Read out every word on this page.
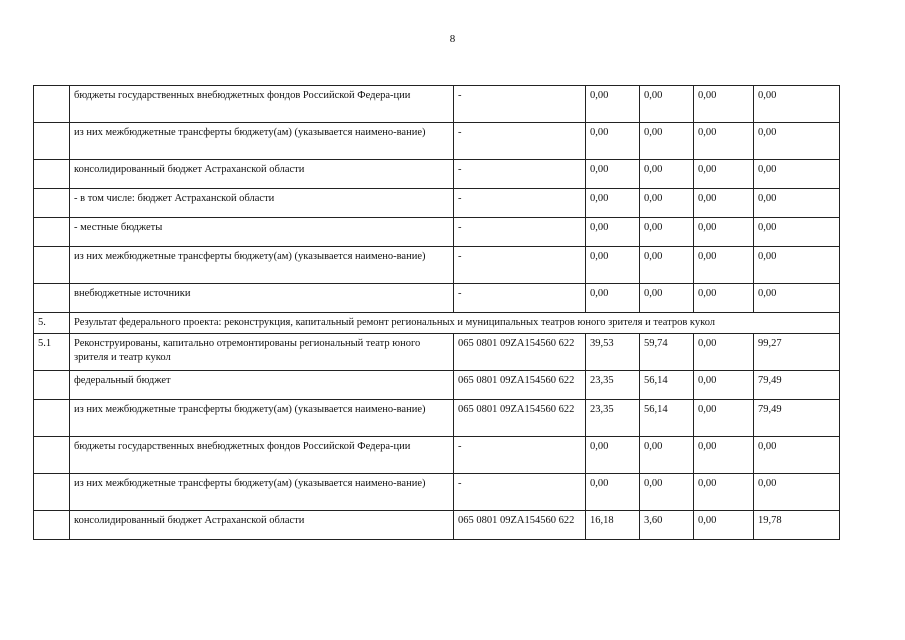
8
	бюджеты государственных внебюджетных фондов Российской Федера-ции	-	0,00	0,00	0,00	0,00
	из них межбюджетные трансферты бюджету(ам) (указывается наимено-вание)	-	0,00	0,00	0,00	0,00
	консолидированный бюджет Астраханской области	-	0,00	0,00	0,00	0,00
	- в том числе: бюджет Астраханской области	-	0,00	0,00	0,00	0,00
	- местные бюджеты	-	0,00	0,00	0,00	0,00
	из них межбюджетные трансферты бюджету(ам) (указывается наимено-вание)	-	0,00	0,00	0,00	0,00
	внебюджетные источники	-	0,00	0,00	0,00	0,00
5.	Результат федерального проекта: реконструкция, капитальный ремонт региональных и муниципальных театров юного зрителя и театров кукол					
5.1	Реконструированы, капитально отремонтированы региональный театр юного зрителя и театр кукол	065 0801 09ZA154560 622	39,53	59,74	0,00	99,27
	федеральный бюджет	065 0801 09ZA154560 622	23,35	56,14	0,00	79,49
	из них межбюджетные трансферты бюджету(ам) (указывается наимено-вание)	065 0801 09ZA154560 622	23,35	56,14	0,00	79,49
	бюджеты государственных внебюджетных фондов Российской Федера-ции	-	0,00	0,00	0,00	0,00
	из них межбюджетные трансферты бюджету(ам) (указывается наимено-вание)	-	0,00	0,00	0,00	0,00
	консолидированный бюджет Астраханской области	065 0801 09ZA154560 622	16,18	3,60	0,00	19,78
